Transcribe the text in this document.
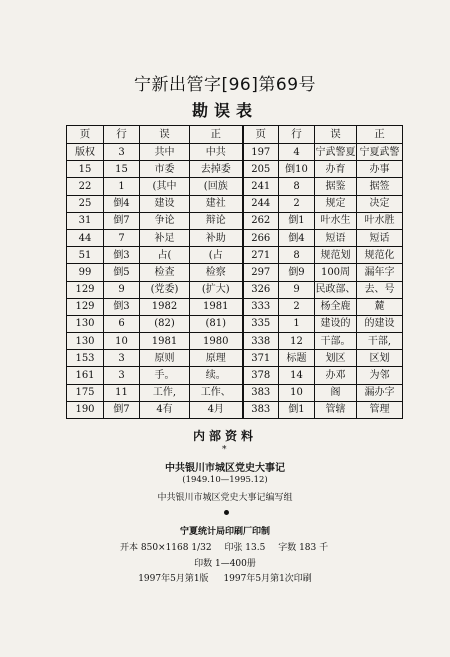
宁新出管字[96]第69号
勘误表
页	行	误	正	页	行	误	正
版权	3	共中	中共	197	4	宁武警夏	宁夏武警
15	15	市委	去掉委	205	倒10	办育	办事
22	1	(其中	(回族	241	8	据鉴	据签
25	倒4	建设	建社	244	2	规定	决定
31	倒7	争论	辩论	262	倒1	叶水生	叶水胜
44	7	补足	补助	266	倒4	短语	短话
51	倒3	占(	(占	271	8	规范划	规范化
99	倒5	检查	检察	297	倒9	100周	漏年字
129	9	(党委)	(扩大)	326	9	民政部、	去、号
129	倒3	1982	1981	333	2	杨全鹿	麓
130	6	(82)	(81)	335	1	建设的	的建设
130	10	1981	1980	338	12	干部。	干部,
153	3	原则	原理	371	标题	划区	区划
161	3	手。	续。	378	14	办邓	为邻
175	11	工作,	工作、	383	10	阁	漏办字
190	倒7	4有	4月	383	倒1	管辖	管理
内部资料
*
中共银川市城区党史大事记
(1949.10—1995.12)
中共银川市城区党史大事记编写组
宁夏统计局印刷厂印制
开本 850×1168 1/32 印张 13.5 字数 183 千
印数 1—400册
1997年5月第1版 1997年5月第1次印刷
